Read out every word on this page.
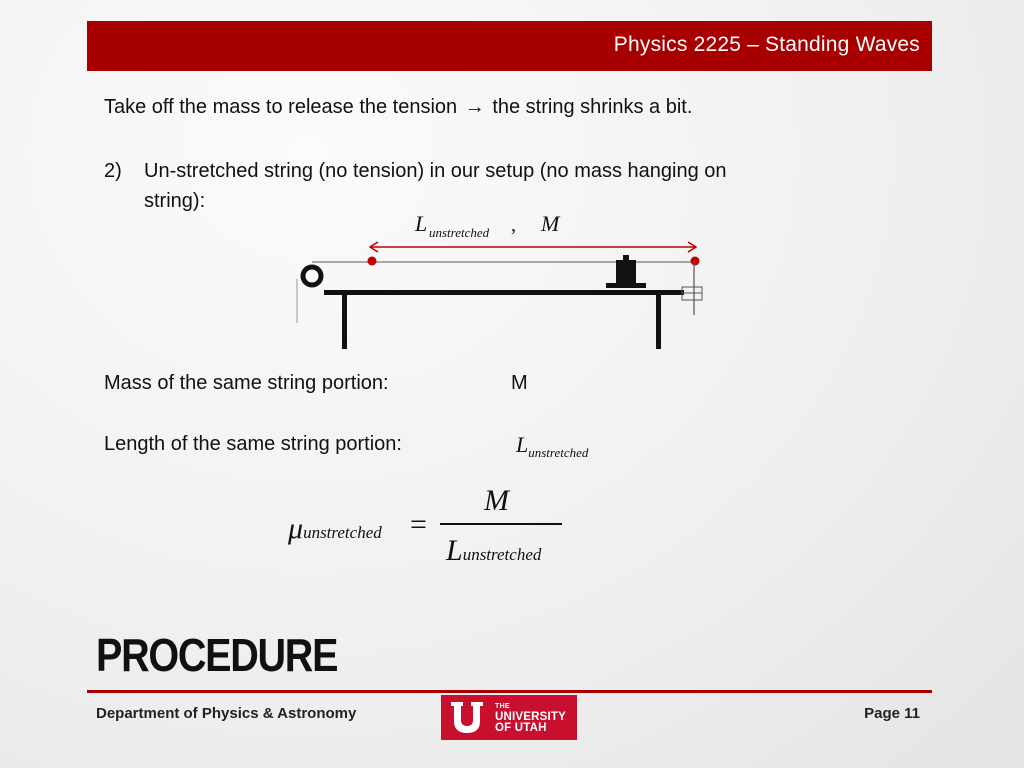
Physics 2225 – Standing Waves
Take off the mass to release the tension → the string shrinks a bit.
2)	Un-stretched string (no tension) in our setup (no mass hanging on
string):
L unstretched , M
Mass of the same string portion:	M
Length of the same string portion:	$L_{unstretched}$
μunstretched =
M
Lunstretched
PROCEDURE
Department of Physics & Astronomy	THE
UNIVERSITY
OF UTAH
Page 11
